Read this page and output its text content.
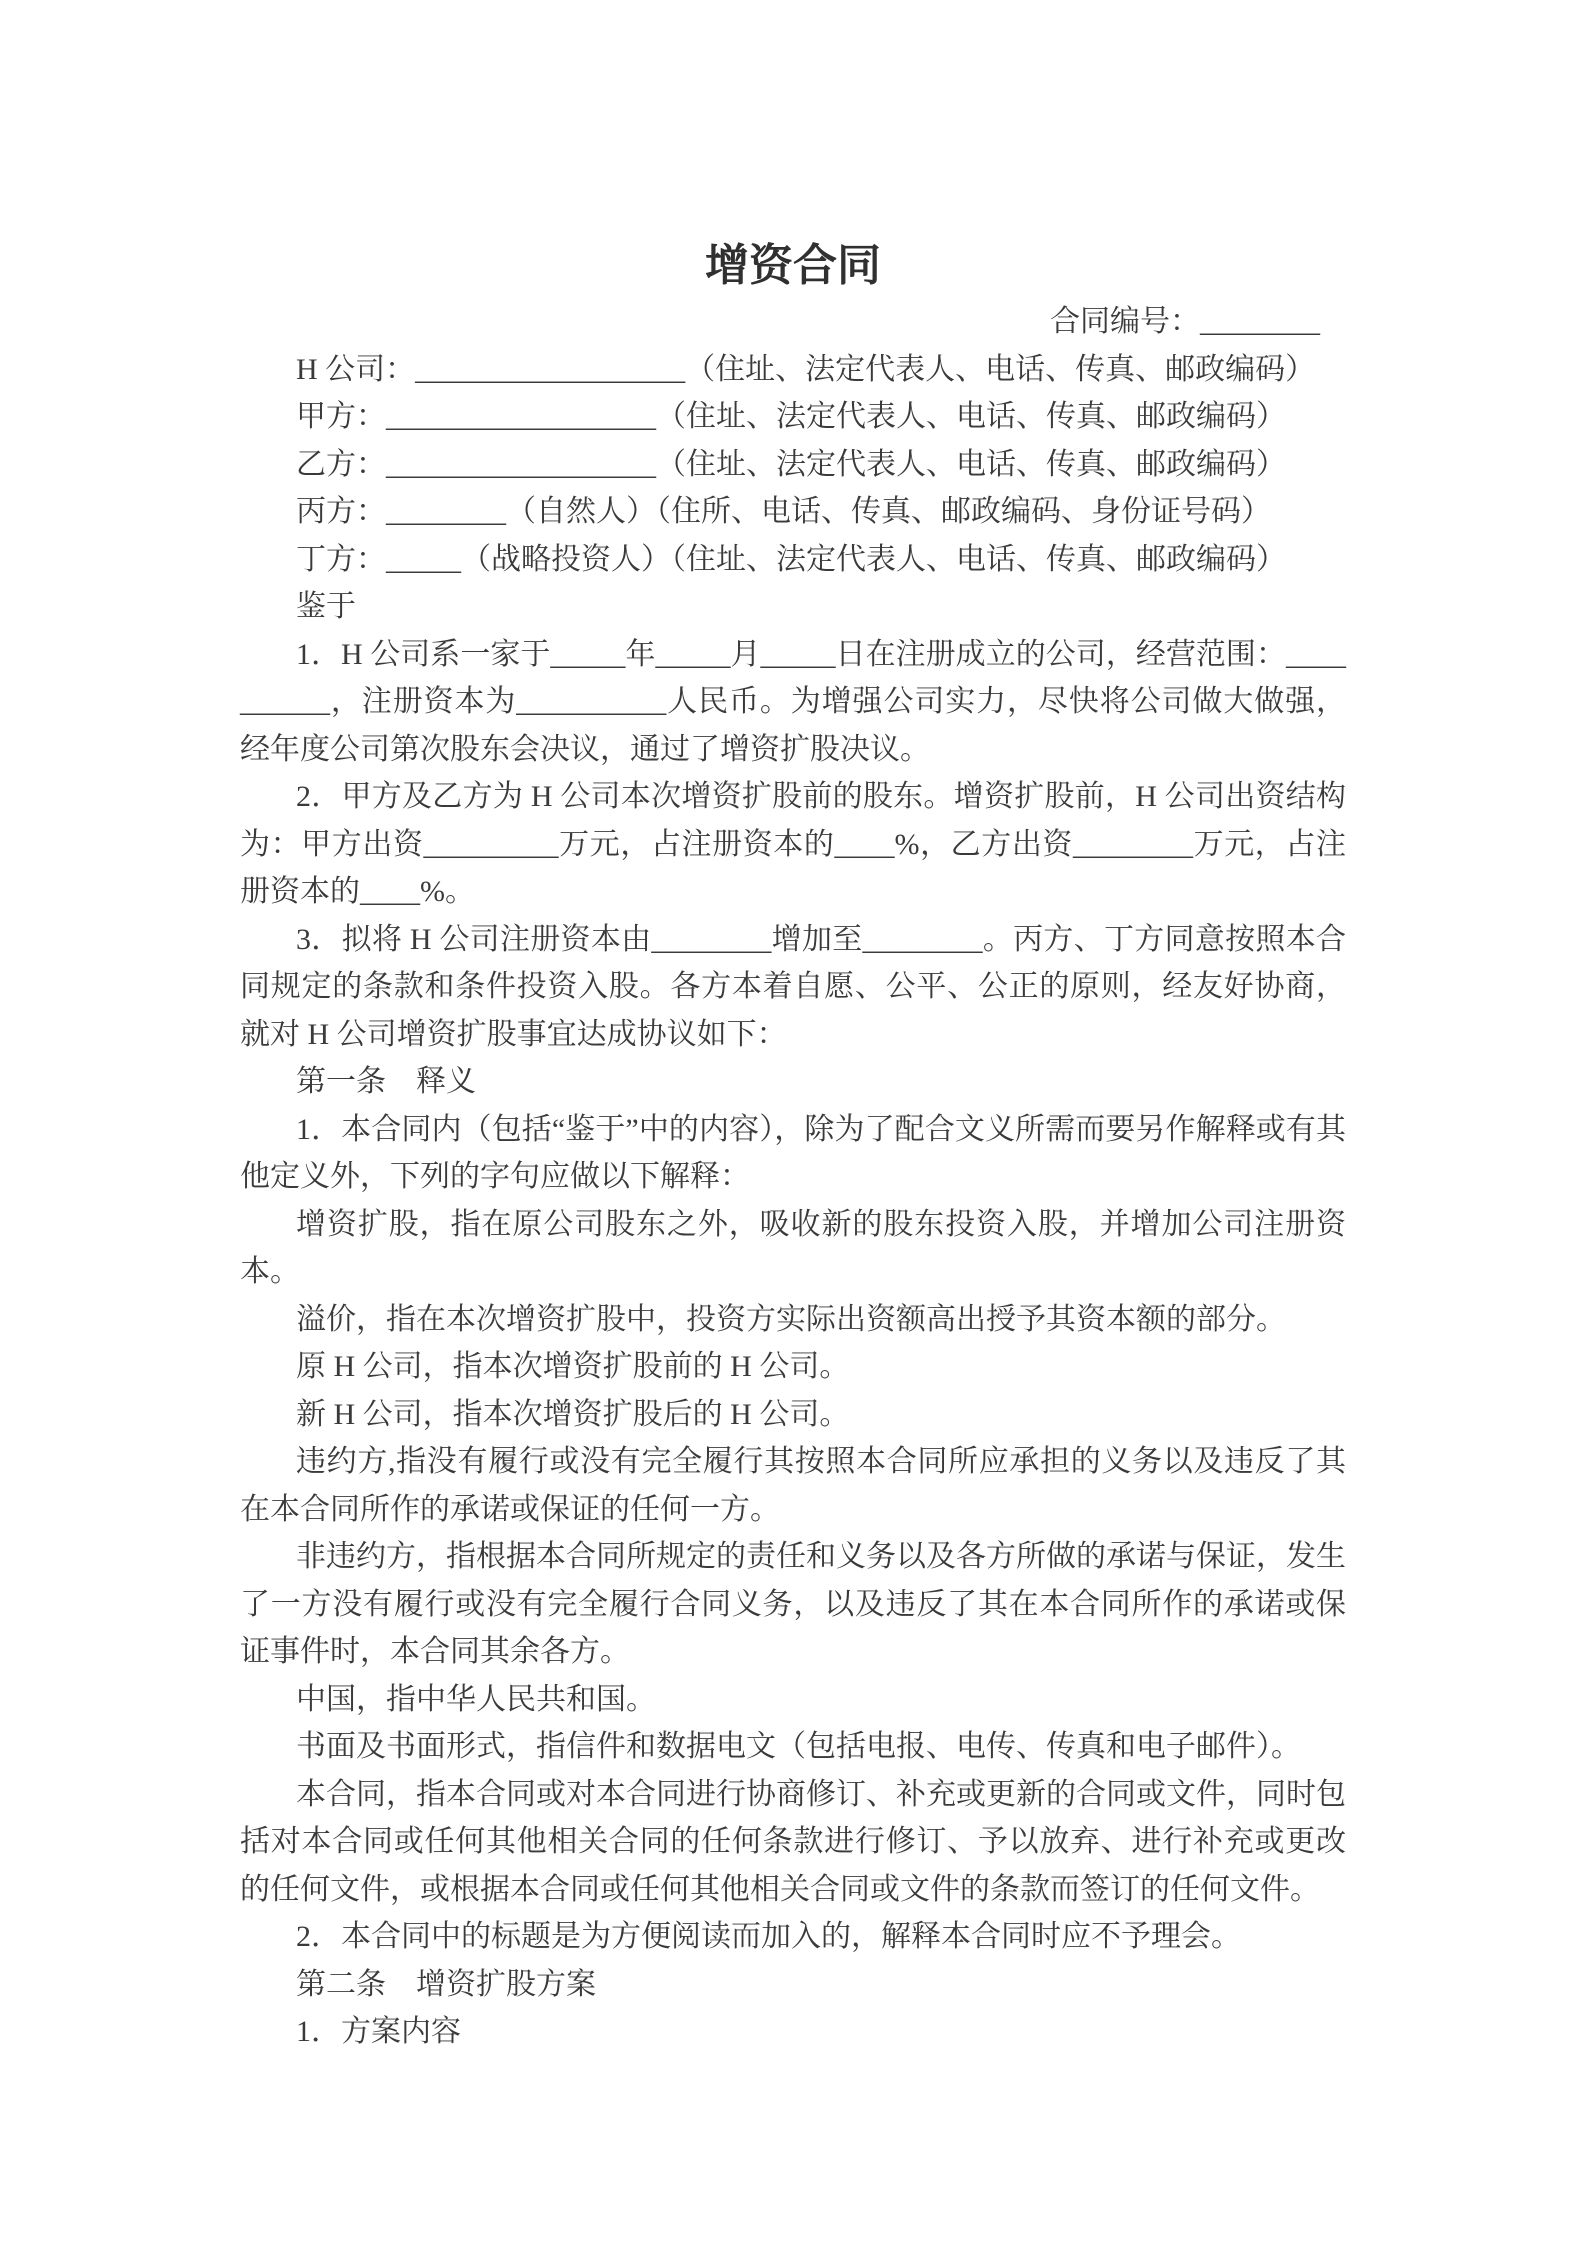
增资合同

合同编号：________

H 公司：__________________（住址、法定代表人、电话、传真、邮政编码）

甲方：__________________（住址、法定代表人、电话、传真、邮政编码）

乙方：__________________（住址、法定代表人、电话、传真、邮政编码）

丙方：________（自然人）（住所、电话、传真、邮政编码、身份证号码）

丁方：_____（战略投资人）（住址、法定代表人、电话、传真、邮政编码）

鉴于

1．H 公司系一家于_____年_____月_____日在注册成立的公司，经营范围：__________，注册资本为__________人民币。为增强公司实力，尽快将公司做大做强，经年度公司第次股东会决议，通过了增资扩股决议。

2．甲方及乙方为 H 公司本次增资扩股前的股东。增资扩股前，H 公司出资结构为：甲方出资_________万元，占注册资本的____%，乙方出资________万元，占注册资本的____%。

3．拟将 H 公司注册资本由________增加至________。丙方、丁方同意按照本合同规定的条款和条件投资入股。各方本着自愿、公平、公正的原则，经友好协商，就对 H 公司增资扩股事宜达成协议如下：

第一条　释义

1．本合同内（包括“鉴于”中的内容），除为了配合文义所需而要另作解释或有其他定义外，下列的字句应做以下解释：

增资扩股，指在原公司股东之外，吸收新的股东投资入股，并增加公司注册资本。

溢价，指在本次增资扩股中，投资方实际出资额高出授予其资本额的部分。

原 H 公司，指本次增资扩股前的 H 公司。

新 H 公司，指本次增资扩股后的 H 公司。

违约方,指没有履行或没有完全履行其按照本合同所应承担的义务以及违反了其在本合同所作的承诺或保证的任何一方。

非违约方，指根据本合同所规定的责任和义务以及各方所做的承诺与保证，发生了一方没有履行或没有完全履行合同义务，以及违反了其在本合同所作的承诺或保证事件时，本合同其余各方。

中国，指中华人民共和国。

书面及书面形式，指信件和数据电文（包括电报、电传、传真和电子邮件）。

本合同，指本合同或对本合同进行协商修订、补充或更新的合同或文件，同时包括对本合同或任何其他相关合同的任何条款进行修订、予以放弃、进行补充或更改的任何文件，或根据本合同或任何其他相关合同或文件的条款而签订的任何文件。

2．本合同中的标题是为方便阅读而加入的，解释本合同时应不予理会。

第二条　增资扩股方案

1．方案内容
